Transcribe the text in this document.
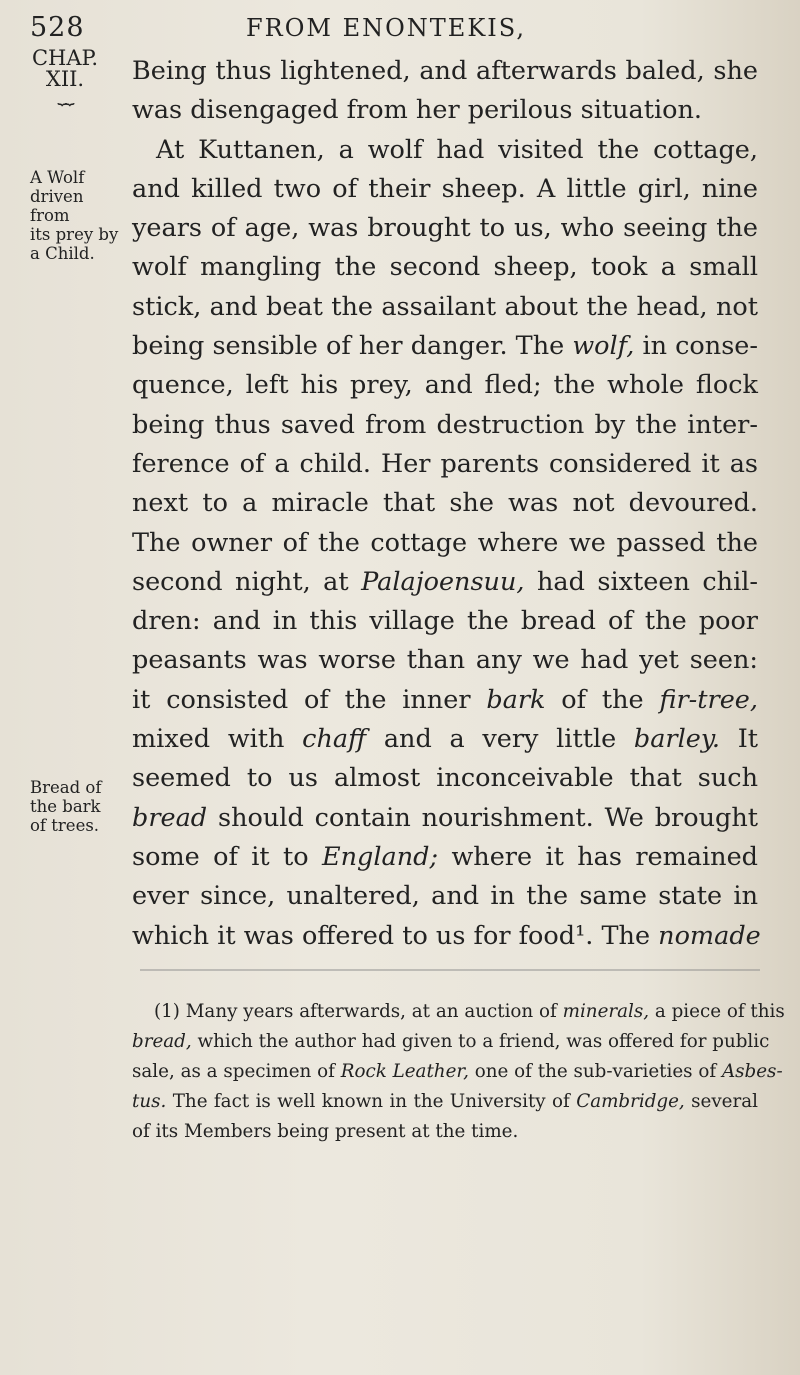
528	FROM ENONTEKIS,
CHAP.
XII.
⏟⏟
A Wolf
driven from
its prey by
a Child.
Bread of
the bark
of trees.
Being thus lightened, and afterwards baled, she
was disengaged from her perilous situation.
At Kuttanen, a wolf had visited the cottage,
and killed two of their sheep. A little girl, nine
years of age, was brought to us, who seeing the
wolf mangling the second sheep, took a small
stick, and beat the assailant about the head, not
being sensible of her danger. The wolf, in conse-
quence, left his prey, and fled; the whole flock
being thus saved from destruction by the inter-
ference of a child. Her parents considered it as
next to a miracle that she was not devoured.
The owner of the cottage where we passed the
second night, at Palajoensuu, had sixteen chil-
dren: and in this village the bread of the poor
peasants was worse than any we had yet seen:
it consisted of the inner bark of the fir-tree,
mixed with chaff and a very little barley. It
seemed to us almost inconceivable that such
bread should contain nourishment. We brought
some of it to England; where it has remained
ever since, unaltered, and in the same state in
which it was offered to us for food¹. The nomade
(1) Many years afterwards, at an auction of minerals, a piece of this
bread, which the author had given to a friend, was offered for public
sale, as a specimen of Rock Leather, one of the sub-varieties of Asbes-
tus. The fact is well known in the University of Cambridge, several
of its Members being present at the time.
